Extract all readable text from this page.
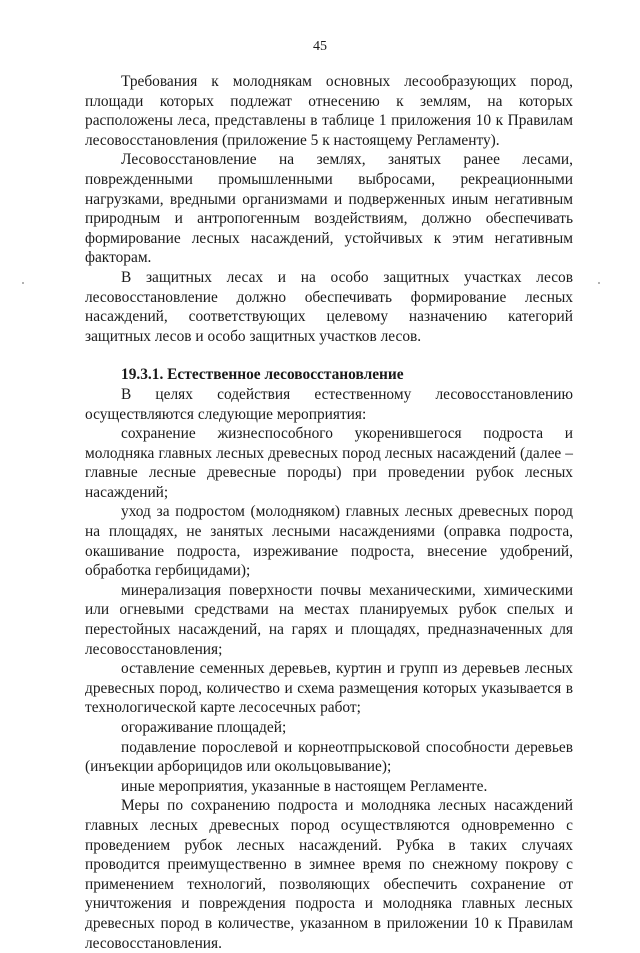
45

Требования к молоднякам основных лесообразующих пород, площади которых подлежат отнесению к землям, на которых расположены леса, представлены в таблице 1 приложения 10 к Правилам лесовосстановления (приложение 5 к настоящему Регламенту).

Лесовосстановление на землях, занятых ранее лесами, поврежденными промышленными выбросами, рекреационными нагрузками, вредными организмами и подверженных иным негативным природным и антропогенным воздействиям, должно обеспечивать формирование лесных насаждений, устойчивых к этим негативным факторам.

В защитных лесах и на особо защитных участках лесов лесовосстановление должно обеспечивать формирование лесных насаждений, соответствующих целевому назначению категорий защитных лесов и особо защитных участков лесов.

19.3.1. Естественное лесовосстановление

В целях содействия естественному лесовосстановлению осуществляются следующие мероприятия:

сохранение жизнеспособного укоренившегося подроста и молодняка главных лесных древесных пород лесных насаждений (далее – главные лесные древесные породы) при проведении рубок лесных насаждений;

уход за подростом (молодняком) главных лесных древесных пород на площадях, не занятых лесными насаждениями (оправка подроста, окашивание подроста, изреживание подроста, внесение удобрений, обработка гербицидами);

минерализация поверхности почвы механическими, химическими или огневыми средствами на местах планируемых рубок спелых и перестойных насаждений, на гарях и площадях, предназначенных для лесовосстановления;

оставление семенных деревьев, куртин и групп из деревьев лесных древесных пород, количество и схема размещения которых указывается в технологической карте лесосечных работ;

огораживание площадей;

подавление порослевой и корнеотпрысковой способности деревьев (инъекции арборицидов или окольцовывание);

иные мероприятия, указанные в настоящем Регламенте.

Меры по сохранению подроста и молодняка лесных насаждений главных лесных древесных пород осуществляются одновременно с проведением рубок лесных насаждений. Рубка в таких случаях проводится преимущественно в зимнее время по снежному покрову с применением технологий, позволяющих обеспечить сохранение от уничтожения и повреждения подроста и молодняка главных лесных древесных пород в количестве, указанном в приложении 10 к Правилам лесовосстановления.
